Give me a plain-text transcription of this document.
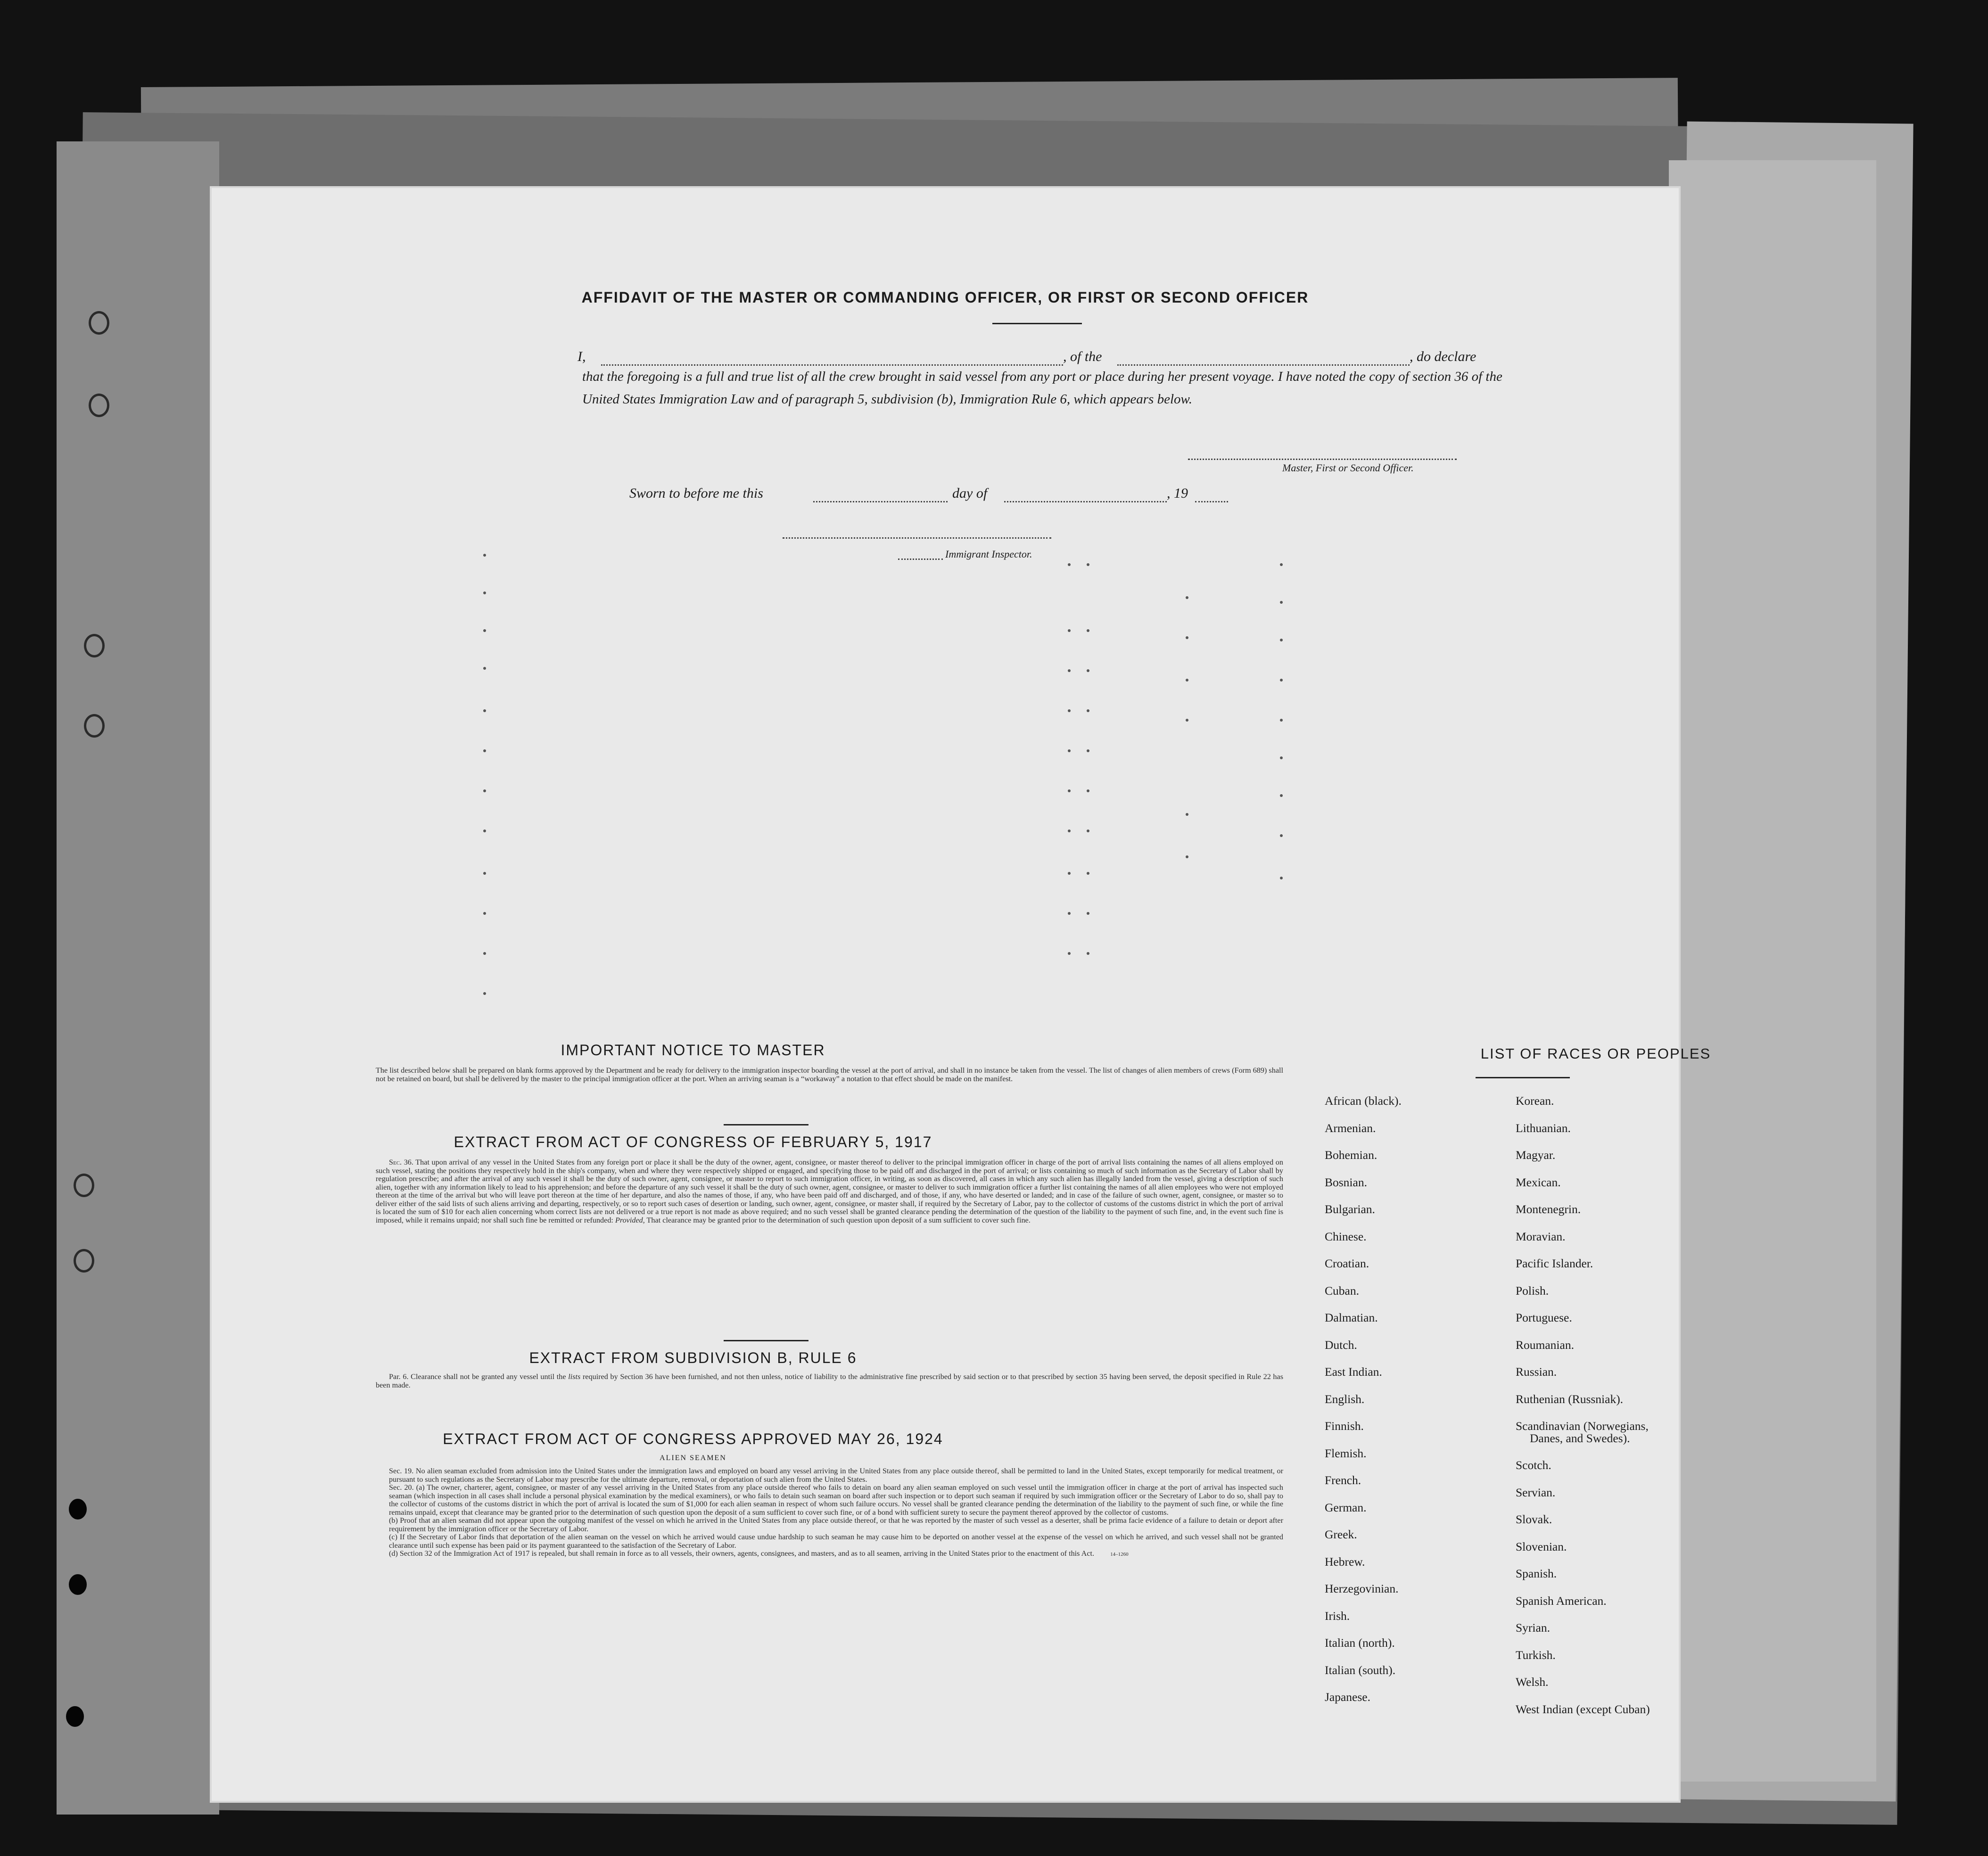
AFFIDAVIT OF THE MASTER OR COMMANDING OFFICER, OR FIRST OR SECOND OFFICER
I,	, of the	, do declare
that the foregoing is a full and true list of all the crew brought in said vessel from any port or place during her present voyage. I have noted the copy of section 36 of the United States Immigration Law and of paragraph 5, subdivision (b), Immigration Rule 6, which appears below.
Master, First or Second Officer.
Sworn to before me this	day of	, 19
Immigrant Inspector.
IMPORTANT NOTICE TO MASTER
The list described below shall be prepared on blank forms approved by the Department and be ready for delivery to the immigration inspector boarding the vessel at the port of arrival, and shall in no instance be taken from the vessel. The list of changes of alien members of crews (Form 689) shall not be retained on board, but shall be delivered by the master to the principal immigration officer at the port. When an arriving seaman is a “workaway” a notation to that effect should be made on the manifest.
EXTRACT FROM ACT OF CONGRESS OF FEBRUARY 5, 1917
Sec. 36. That upon arrival of any vessel in the United States from any foreign port or place it shall be the duty of the owner, agent, consignee, or master thereof to deliver to the principal immigration officer in charge of the port of arrival lists containing the names of all aliens employed on such vessel, stating the positions they respectively hold in the ship's company, when and where they were respectively shipped or engaged, and specifying those to be paid off and discharged in the port of arrival; or lists containing so much of such information as the Secretary of Labor shall by regulation prescribe; and after the arrival of any such vessel it shall be the duty of such owner, agent, consignee, or master to report to such immigration officer, in writing, as soon as discovered, all cases in which any such alien has illegally landed from the vessel, giving a description of such alien, together with any information likely to lead to his apprehension; and before the departure of any such vessel it shall be the duty of such owner, agent, consignee, or master to deliver to such immigration officer a further list containing the names of all alien employees who were not employed thereon at the time of the arrival but who will leave port thereon at the time of her departure, and also the names of those, if any, who have been paid off and discharged, and of those, if any, who have deserted or landed; and in case of the failure of such owner, agent, consignee, or master so to deliver either of the said lists of such aliens arriving and departing, respectively, or so to report such cases of desertion or landing, such owner, agent, consignee, or master shall, if required by the Secretary of Labor, pay to the collector of customs of the customs district in which the port of arrival is located the sum of $10 for each alien concerning whom correct lists are not delivered or a true report is not made as above required; and no such vessel shall be granted clearance pending the determination of the question of the liability to the payment of such fine, and, in the event such fine is imposed, while it remains unpaid; nor shall such fine be remitted or refunded: Provided, That clearance may be granted prior to the determination of such question upon deposit of a sum sufficient to cover such fine.
EXTRACT FROM SUBDIVISION B, RULE 6
Par. 6. Clearance shall not be granted any vessel until the lists required by Section 36 have been furnished, and not then unless, notice of liability to the administrative fine prescribed by said section or to that prescribed by section 35 having been served, the deposit specified in Rule 22 has been made.
EXTRACT FROM ACT OF CONGRESS APPROVED MAY 26, 1924
ALIEN SEAMEN
Sec. 19. No alien seaman excluded from admission into the United States under the immigration laws and employed on board any vessel arriving in the United States from any place outside thereof, shall be permitted to land in the United States, except temporarily for medical treatment, or pursuant to such regulations as the Secretary of Labor may prescribe for the ultimate departure, removal, or deportation of such alien from the United States.
Sec. 20. (a) The owner, charterer, agent, consignee, or master of any vessel arriving in the United States from any place outside thereof who fails to detain on board any alien seaman employed on such vessel until the immigration officer in charge at the port of arrival has inspected such seaman (which inspection in all cases shall include a personal physical examination by the medical examiners), or who fails to detain such seaman on board after such inspection or to deport such seaman if required by such immigration officer or the Secretary of Labor to do so, shall pay to the collector of customs of the customs district in which the port of arrival is located the sum of $1,000 for each alien seaman in respect of whom such failure occurs. No vessel shall be granted clearance pending the determination of the liability to the payment of such fine, or while the fine remains unpaid, except that clearance may be granted prior to the determination of such question upon the deposit of a sum sufficient to cover such fine, or of a bond with sufficient surety to secure the payment thereof approved by the collector of customs.
(b) Proof that an alien seaman did not appear upon the outgoing manifest of the vessel on which he arrived in the United States from any place outside thereof, or that he was reported by the master of such vessel as a deserter, shall be prima facie evidence of a failure to detain or deport after requirement by the immigration officer or the Secretary of Labor.
(c) If the Secretary of Labor finds that deportation of the alien seaman on the vessel on which he arrived would cause undue hardship to such seaman he may cause him to be deported on another vessel at the expense of the vessel on which he arrived, and such vessel shall not be granted clearance until such expense has been paid or its payment guaranteed to the satisfaction of the Secretary of Labor.
(d) Section 32 of the Immigration Act of 1917 is repealed, but shall remain in force as to all vessels, their owners, agents, consignees, and masters, and as to all seamen, arriving in the United States prior to the enactment of this Act.	14–1260
LIST OF RACES OR PEOPLES
African (black).
Armenian.
Bohemian.
Bosnian.
Bulgarian.
Chinese.
Croatian.
Cuban.
Dalmatian.
Dutch.
East Indian.
English.
Finnish.
Flemish.
French.
German.
Greek.
Hebrew.
Herzegovinian.
Irish.
Italian (north).
Italian (south).
Japanese.
Korean.
Lithuanian.
Magyar.
Mexican.
Montenegrin.
Moravian.
Pacific Islander.
Polish.
Portuguese.
Roumanian.
Russian.
Ruthenian (Russniak).
Scandinavian (Norwegians,
Danes, and Swedes).
Scotch.
Servian.
Slovak.
Slovenian.
Spanish.
Spanish American.
Syrian.
Turkish.
Welsh.
West Indian (except Cuban)
